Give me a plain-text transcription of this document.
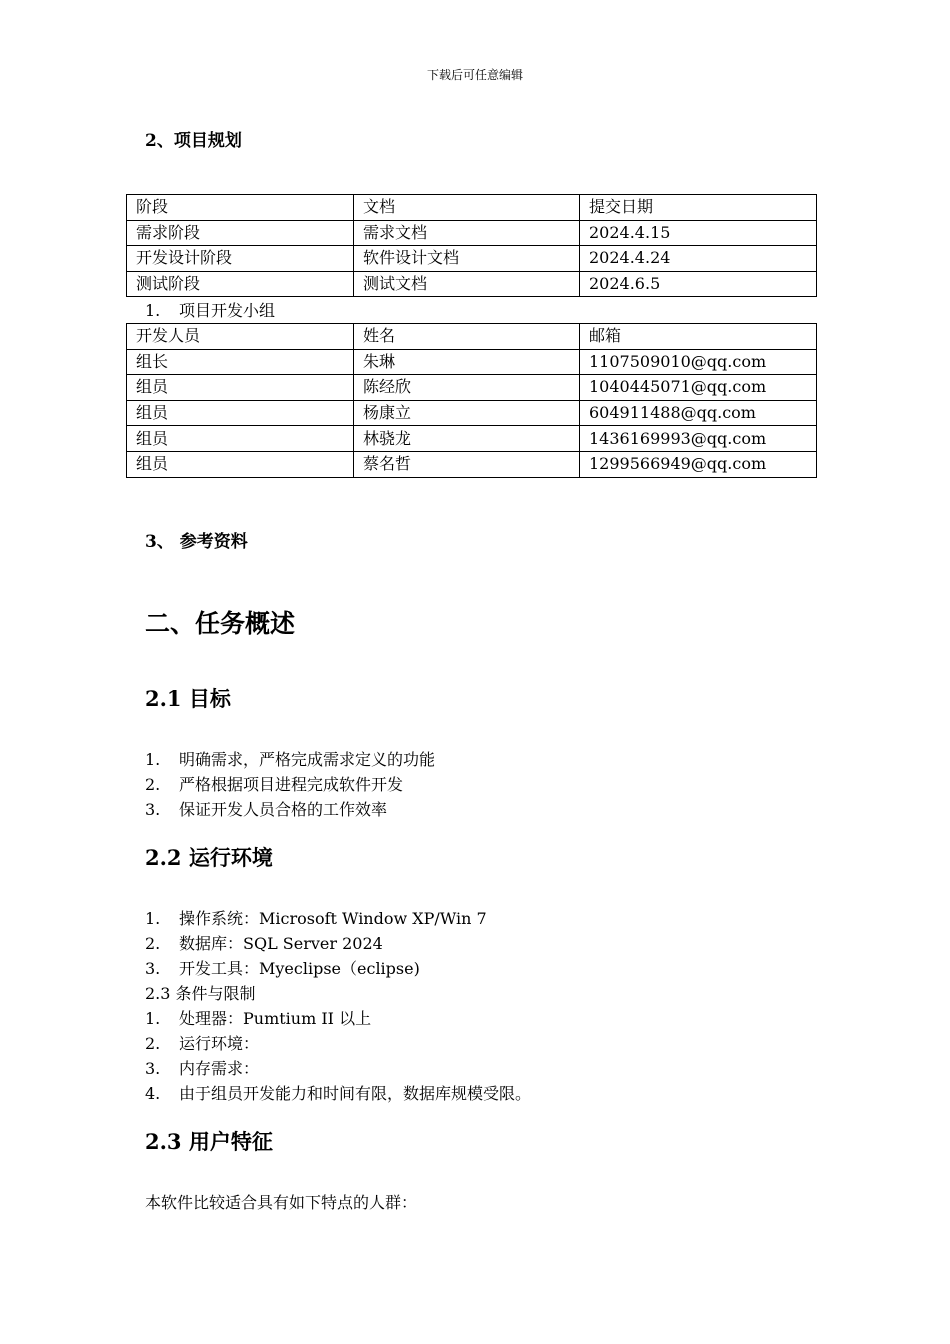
下载后可任意编辑
2、项目规划
阶段	文档	提交日期
需求阶段	需求文档	2024.4.15
开发设计阶段	软件设计文档	2024.4.24
测试阶段	测试文档	2024.6.5
1. 项目开发小组
开发人员	姓名	邮箱
组长	朱琳	1107509010@qq.com
组员	陈经欣	1040445071@qq.com
组员	杨康立	604911488@qq.com
组员	林骁龙	1436169993@qq.com
组员	蔡名哲	1299566949@qq.com
3、 参考资料
二、任务概述
2.1 目标
1. 明确需求，严格完成需求定义的功能
2. 严格根据项目进程完成软件开发
3. 保证开发人员合格的工作效率
2.2 运行环境
1. 操作系统：Microsoft Window XP/Win 7
2. 数据库：SQL Server 2024
3. 开发工具：Myeclipse（eclipse)
2.3 条件与限制
1. 处理器：Pumtium II 以上
2. 运行环境：
3. 内存需求：
4. 由于组员开发能力和时间有限，数据库规模受限。
2.3 用户特征
本软件比较适合具有如下特点的人群：
